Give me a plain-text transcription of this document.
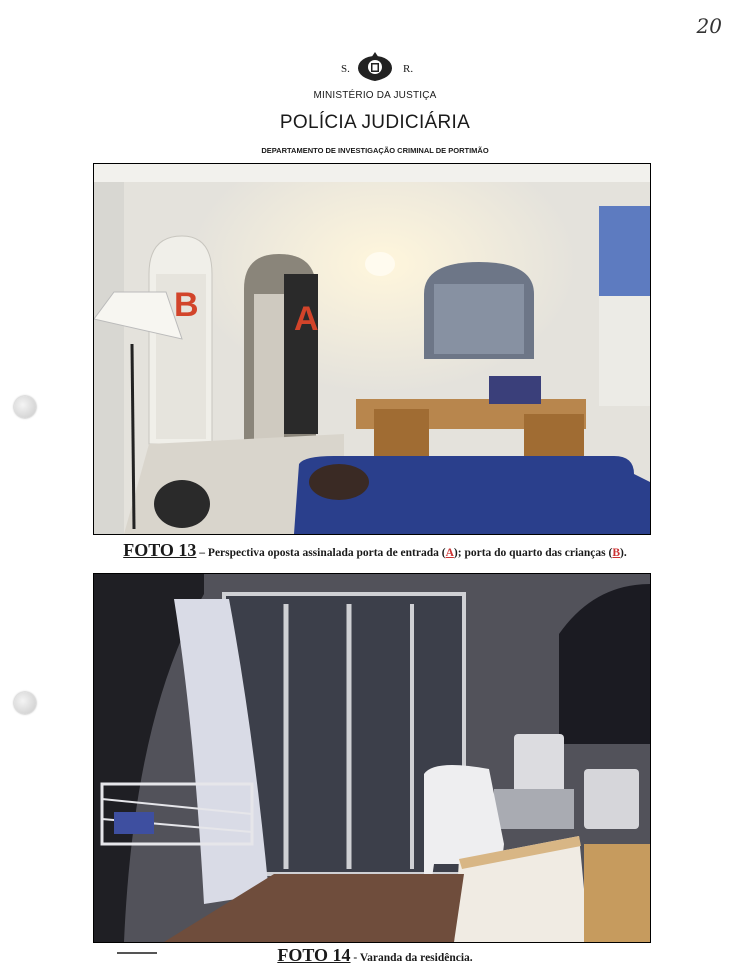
20
S.	R.
MINISTÉRIO DA JUSTIÇA
POLÍCIA JUDICIÁRIA
DEPARTAMENTO DE INVESTIGAÇÃO CRIMINAL DE PORTIMÃO
B	A
FOTO 13 – Perspectiva oposta assinalada porta de entrada (A); porta do quarto das crianças (B).
FOTO 14 - Varanda da residência.
